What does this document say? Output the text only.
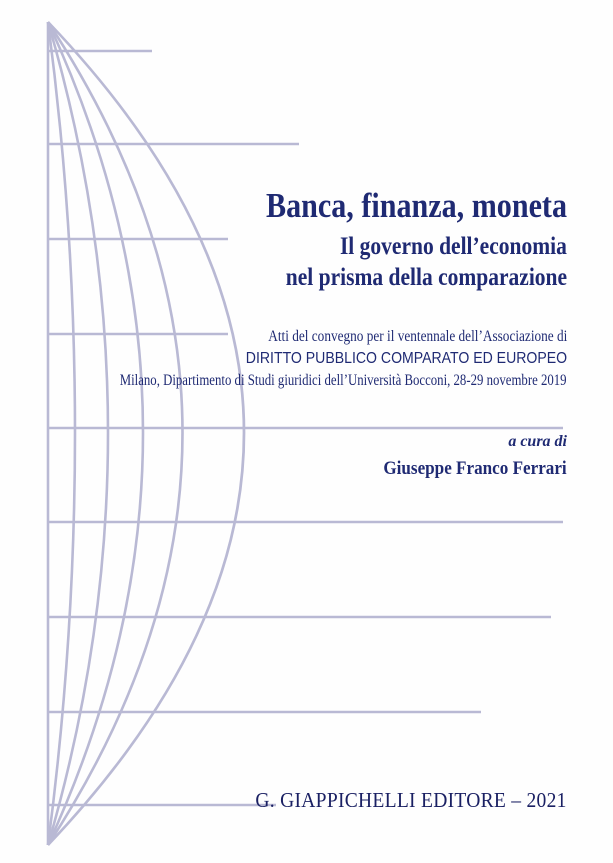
Banca, finanza, moneta
Il governo dell’economia
nel prisma della comparazione
Atti del convegno per il ventennale dell’Associazione di
DIRITTO PUBBLICO COMPARATO ED EUROPEO
Milano, Dipartimento di Studi giuridici dell’Università Bocconi, 28-29 novembre 2019
a cura di
Giuseppe Franco Ferrari
G. GIAPPICHELLI EDITORE – 2021
